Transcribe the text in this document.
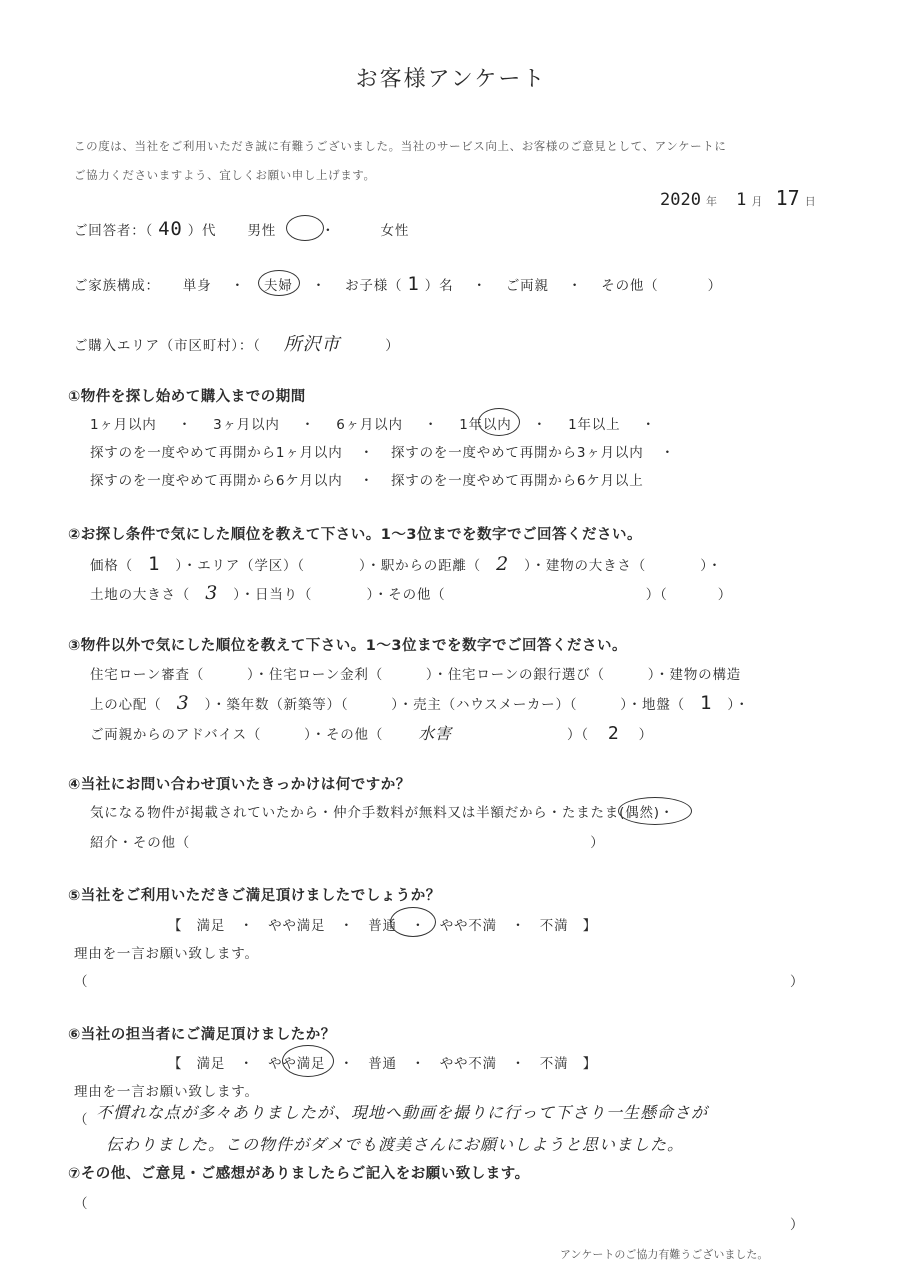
お客様アンケート
この度は、当社をご利用いただき誠に有難うございました。当社のサービス向上、お客様のご意見として、アンケートに
ご協力くださいますよう、宜しくお願い申し上げます。
2020 年 1 月 17 日
ご回答者：（ 40 ）代 男性	・	女性
ご家族構成： 単身 ・ 夫婦 ・ お子様（ 1 ）名 ・ ご両親 ・ その他（	）
ご購入エリア（市区町村）：（ 所沢市	）
①物件を探し始めて購入までの期間
1ヶ月以内 ・ 3ヶ月以内 ・ 6ヶ月以内 ・ 1年以内 ・ 1年以上 ・
探すのを一度やめて再開から1ヶ月以内 ・ 探すのを一度やめて再開から3ヶ月以内 ・
探すのを一度やめて再開から6ケ月以内 ・ 探すのを一度やめて再開から6ケ月以上
②お探し条件で気にした順位を教えて下さい。1～3位までを数字でご回答ください。
価格（ 1 ）・エリア（学区）（	）・駅からの距離（ 2 ）・建物の大きさ（	）・
土地の大きさ（ 3 ）・日当り（	）・その他（	）（	）
③物件以外で気にした順位を教えて下さい。1～3位までを数字でご回答ください。
住宅ローン審査（　　　）・住宅ローン金利（　　　）・住宅ローンの銀行選び（　　　）・建物の構造
上の心配（ 3 ）・築年数（新築等）（　　　）・売主（ハウスメーカー）（　　　）・地盤（ 1 ）・
ご両親からのアドバイス（　　　）・その他（ 水害	）（ 2 ）
④当社にお問い合わせ頂いたきっかけは何ですか？
気になる物件が掲載されていたから・仲介手数料が無料又は半額だから・たまたま(偶然)・
紹介・その他（	）
⑤当社をご利用いただきご満足頂けましたでしょうか？
【　満足　・　やや満足　・　普通　・　やや不満　・　不満　】
理由を一言お願い致します。
（	）
⑥当社の担当者にご満足頂けましたか？
【　満足　・　やや満足　・　普通　・　やや不満　・　不満　】
理由を一言お願い致します。
（ 不慣れな点が多々ありましたが、現地へ動画を撮りに行って下さり一生懸命さが
伝わりました。この物件がダメでも渡美さんにお願いしようと思いました。
⑦その他、ご意見・ご感想がありましたらご記入をお願い致します。
（
）
アンケートのご協力有難うございました。
